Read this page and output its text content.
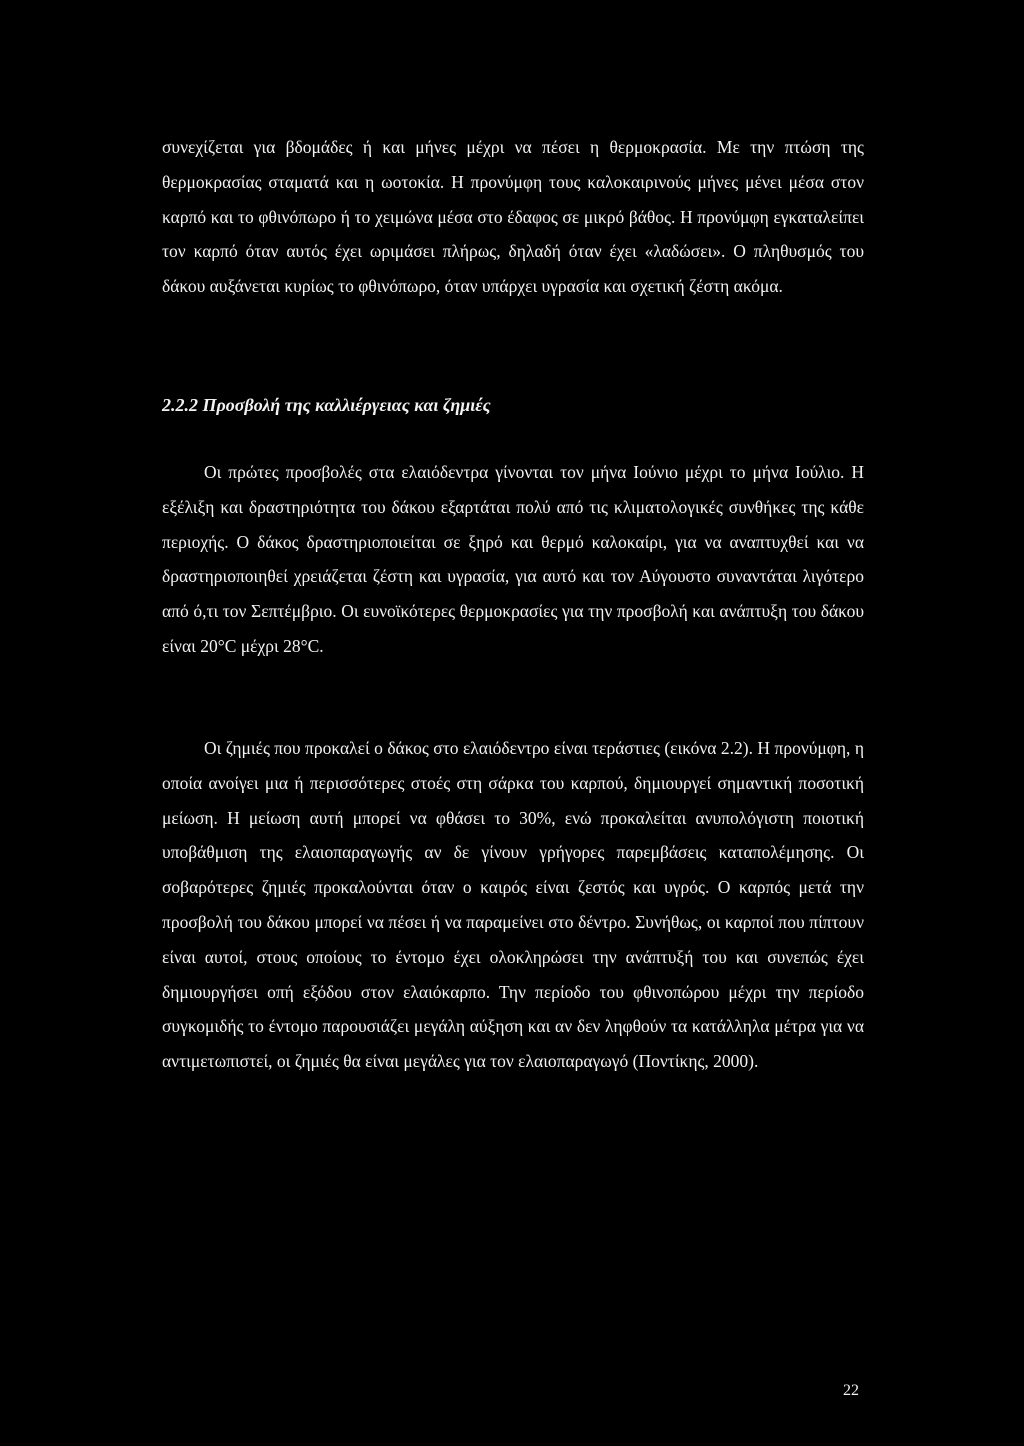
συνεχίζεται για βδομάδες ή και μήνες μέχρι να πέσει η θερμοκρασία. Με την πτώση της θερμοκρασίας σταματά και η ωοτοκία. Η προνύμφη τους καλοκαιρινούς μήνες μένει μέσα στον καρπό και το φθινόπωρο ή το χειμώνα μέσα στο έδαφος σε μικρό βάθος. Η προνύμφη εγκαταλείπει τον καρπό όταν αυτός έχει ωριμάσει πλήρως, δηλαδή όταν έχει «λαδώσει». Ο πληθυσμός του δάκου αυξάνεται κυρίως το φθινόπωρο, όταν υπάρχει υγρασία και σχετική ζέστη ακόμα.

2.2.2 Προσβολή της καλλιέργειας και ζημιές

Οι πρώτες προσβολές στα ελαιόδεντρα γίνονται τον μήνα Ιούνιο μέχρι το μήνα Ιούλιο. Η εξέλιξη και δραστηριότητα του δάκου εξαρτάται πολύ από τις κλιματολογικές συνθήκες της κάθε περιοχής. Ο δάκος δραστηριοποιείται σε ξηρό και θερμό καλοκαίρι, για να αναπτυχθεί και να δραστηριοποιηθεί χρειάζεται ζέστη και υγρασία, για αυτό και τον Αύγουστο συναντάται λιγότερο από ό,τι τον Σεπτέμβριο. Οι ευνοϊκότερες θερμοκρασίες για την προσβολή και ανάπτυξη του δάκου είναι 20°C μέχρι 28°C.

Οι ζημιές που προκαλεί ο δάκος στο ελαιόδεντρο είναι τεράστιες (εικόνα 2.2). Η προνύμφη, η οποία ανοίγει μια ή περισσότερες στοές στη σάρκα του καρπού, δημιουργεί σημαντική ποσοτική μείωση. Η μείωση αυτή μπορεί να φθάσει το 30%, ενώ προκαλείται ανυπολόγιστη ποιοτική υποβάθμιση της ελαιοπαραγωγής αν δε γίνουν γρήγορες παρεμβάσεις καταπολέμησης. Οι σοβαρότερες ζημιές προκαλούνται όταν ο καιρός είναι ζεστός και υγρός. Ο καρπός μετά την προσβολή του δάκου μπορεί να πέσει ή να παραμείνει στο δέντρο. Συνήθως, οι καρποί που πίπτουν είναι αυτοί, στους οποίους το έντομο έχει ολοκληρώσει την ανάπτυξή του και συνεπώς έχει δημιουργήσει οπή εξόδου στον ελαιόκαρπο. Την περίοδο του φθινοπώρου μέχρι την περίοδο συγκομιδής το έντομο παρουσιάζει μεγάλη αύξηση και αν δεν ληφθούν τα κατάλληλα μέτρα για να αντιμετωπιστεί, οι ζημιές θα είναι μεγάλες για τον ελαιοπαραγωγό (Ποντίκης, 2000).

22
